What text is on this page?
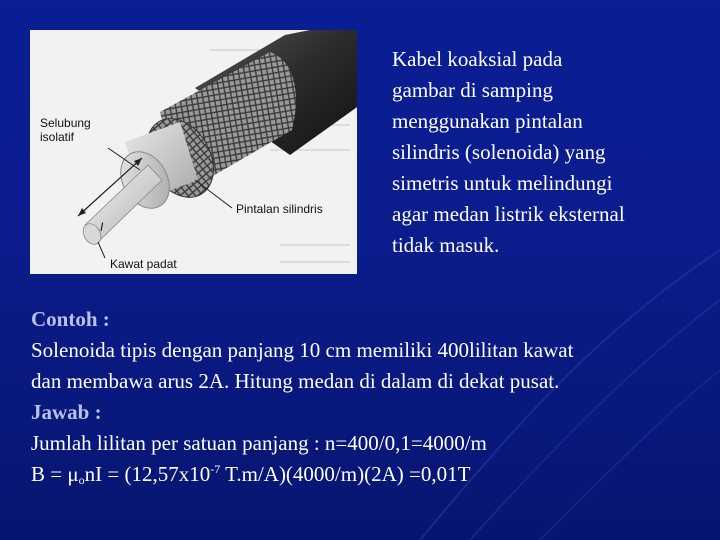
Selubung
isolatif
Pintalan silindris
Kawat padat
I
Kabel koaksial pada
gambar di samping
menggunakan pintalan
silindris (solenoida) yang
simetris untuk melindungi
agar medan listrik eksternal
tidak masuk.
Contoh :
Solenoida tipis dengan panjang 10 cm memiliki 400lilitan kawat
dan membawa arus 2A. Hitung medan di dalam di dekat pusat.
Jawab :
Jumlah lilitan per satuan panjang : n=400/0,1=4000/m
$B = \mu_onI = (12,57x10^{-7}$ T.m/A)(4000/m)(2A) =0,01T
